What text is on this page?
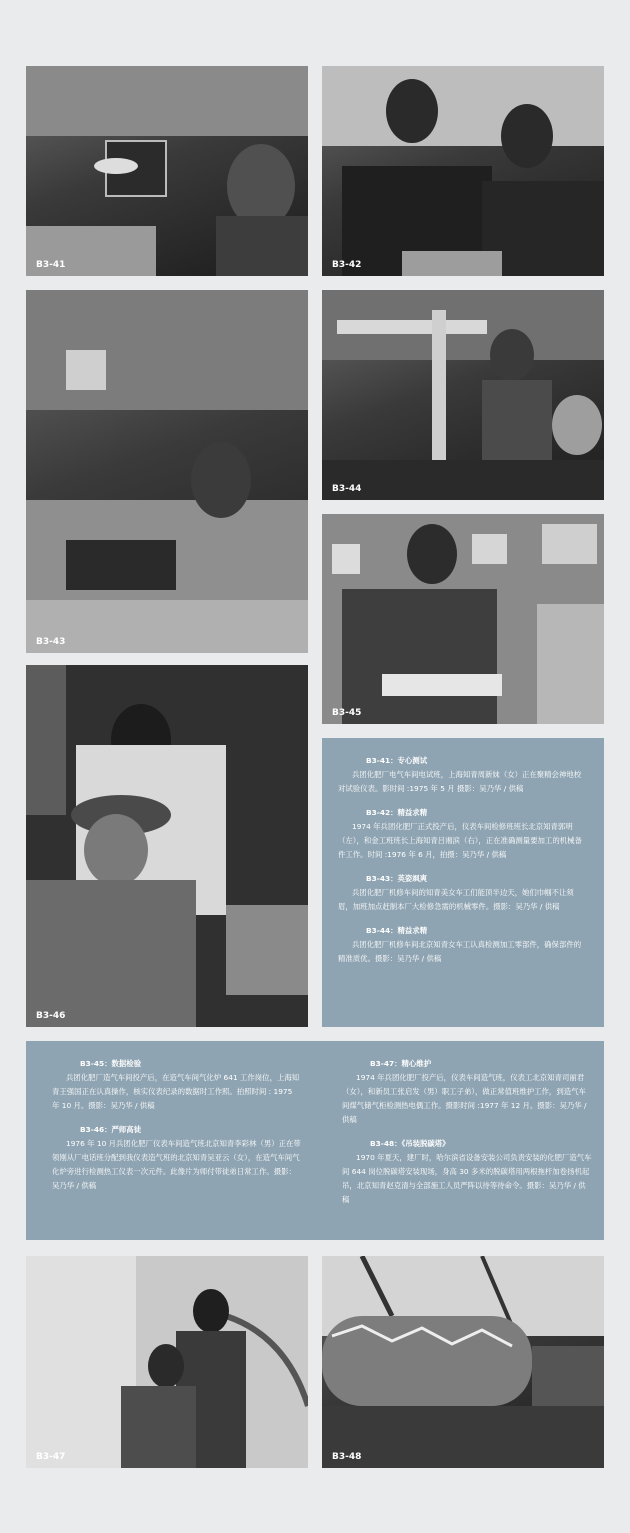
B3-41	B3-42
B3-43
B3-44
B3-45
B3-46
B3-41：专心测试
兵团化肥厂电气车间电试班，上海知青周新妹（女）正在聚精会神地校对试验仪表。影时间 :1975 年 5 月 摄影：吴乃华 / 供稿
B3-42：精益求精
1974 年兵团化肥厂正式投产后，仪表车间检修班班长北京知青郭明（左），和金工班班长上海知青吕湘滨（右），正在准确测量要加工的机械备件工作。时间 :1976 年 6 月，拍摄：吴乃华 / 供稿
B3-43：英姿飒爽
兵团化肥厂机修车间的知青美女车工们能顶半边天，她们巾帼不让须眉，加班加点赶制本厂大检修急需的机械零件。摄影：吴乃华 / 供稿
B3-44：精益求精
兵团化肥厂机修车间北京知青女车工认真检测加工零部件，确保部件的精准质优。摄影：吴乃华 / 供稿
B3-45：数据检验
兵团化肥厂造气车间投产后，在造气车间气化炉 641 工作岗位，上海知青王强国正在认真操作，核实仪表纪录的数据时工作照。拍照时间 : 1975 年 10 月。摄影：吴乃华 / 供稿
B3-46：严师高徒
1976 年 10 月兵团化肥厂仪表车间造气班北京知青李彩林（男）正在带领刚从厂电话班分配到我仪表造气班的北京知青吴亚云（女），在造气车间气化炉旁进行检测热工仪表一次元件。此像片为师付带徒弟日常工作。摄影：吴乃华 / 供稿
B3-47：精心维护
1974 年兵团化肥厂投产后，仪表车间造气班，仪表工北京知青司丽君（女），和新员工张启发（男）职工子弟），做正常值班维护工作，到造气车间煤气储气柜检测热电偶工作。摄影时间 :1977 年 12 月。摄影：吴乃华 / 供稿
B3-48：《吊装脱碳塔》
1970 年夏天，建厂时，哈尔滨省设备安装公司负责安装的化肥厂造气车间 644 岗位脱碳塔安装现场，身高 30 多米的脱碳塔用两根拖杆加卷扬机起吊，北京知青赵克清与全部施工人员严阵以待等待命令。摄影：吴乃华 / 供稿
B3-47	B3-48
